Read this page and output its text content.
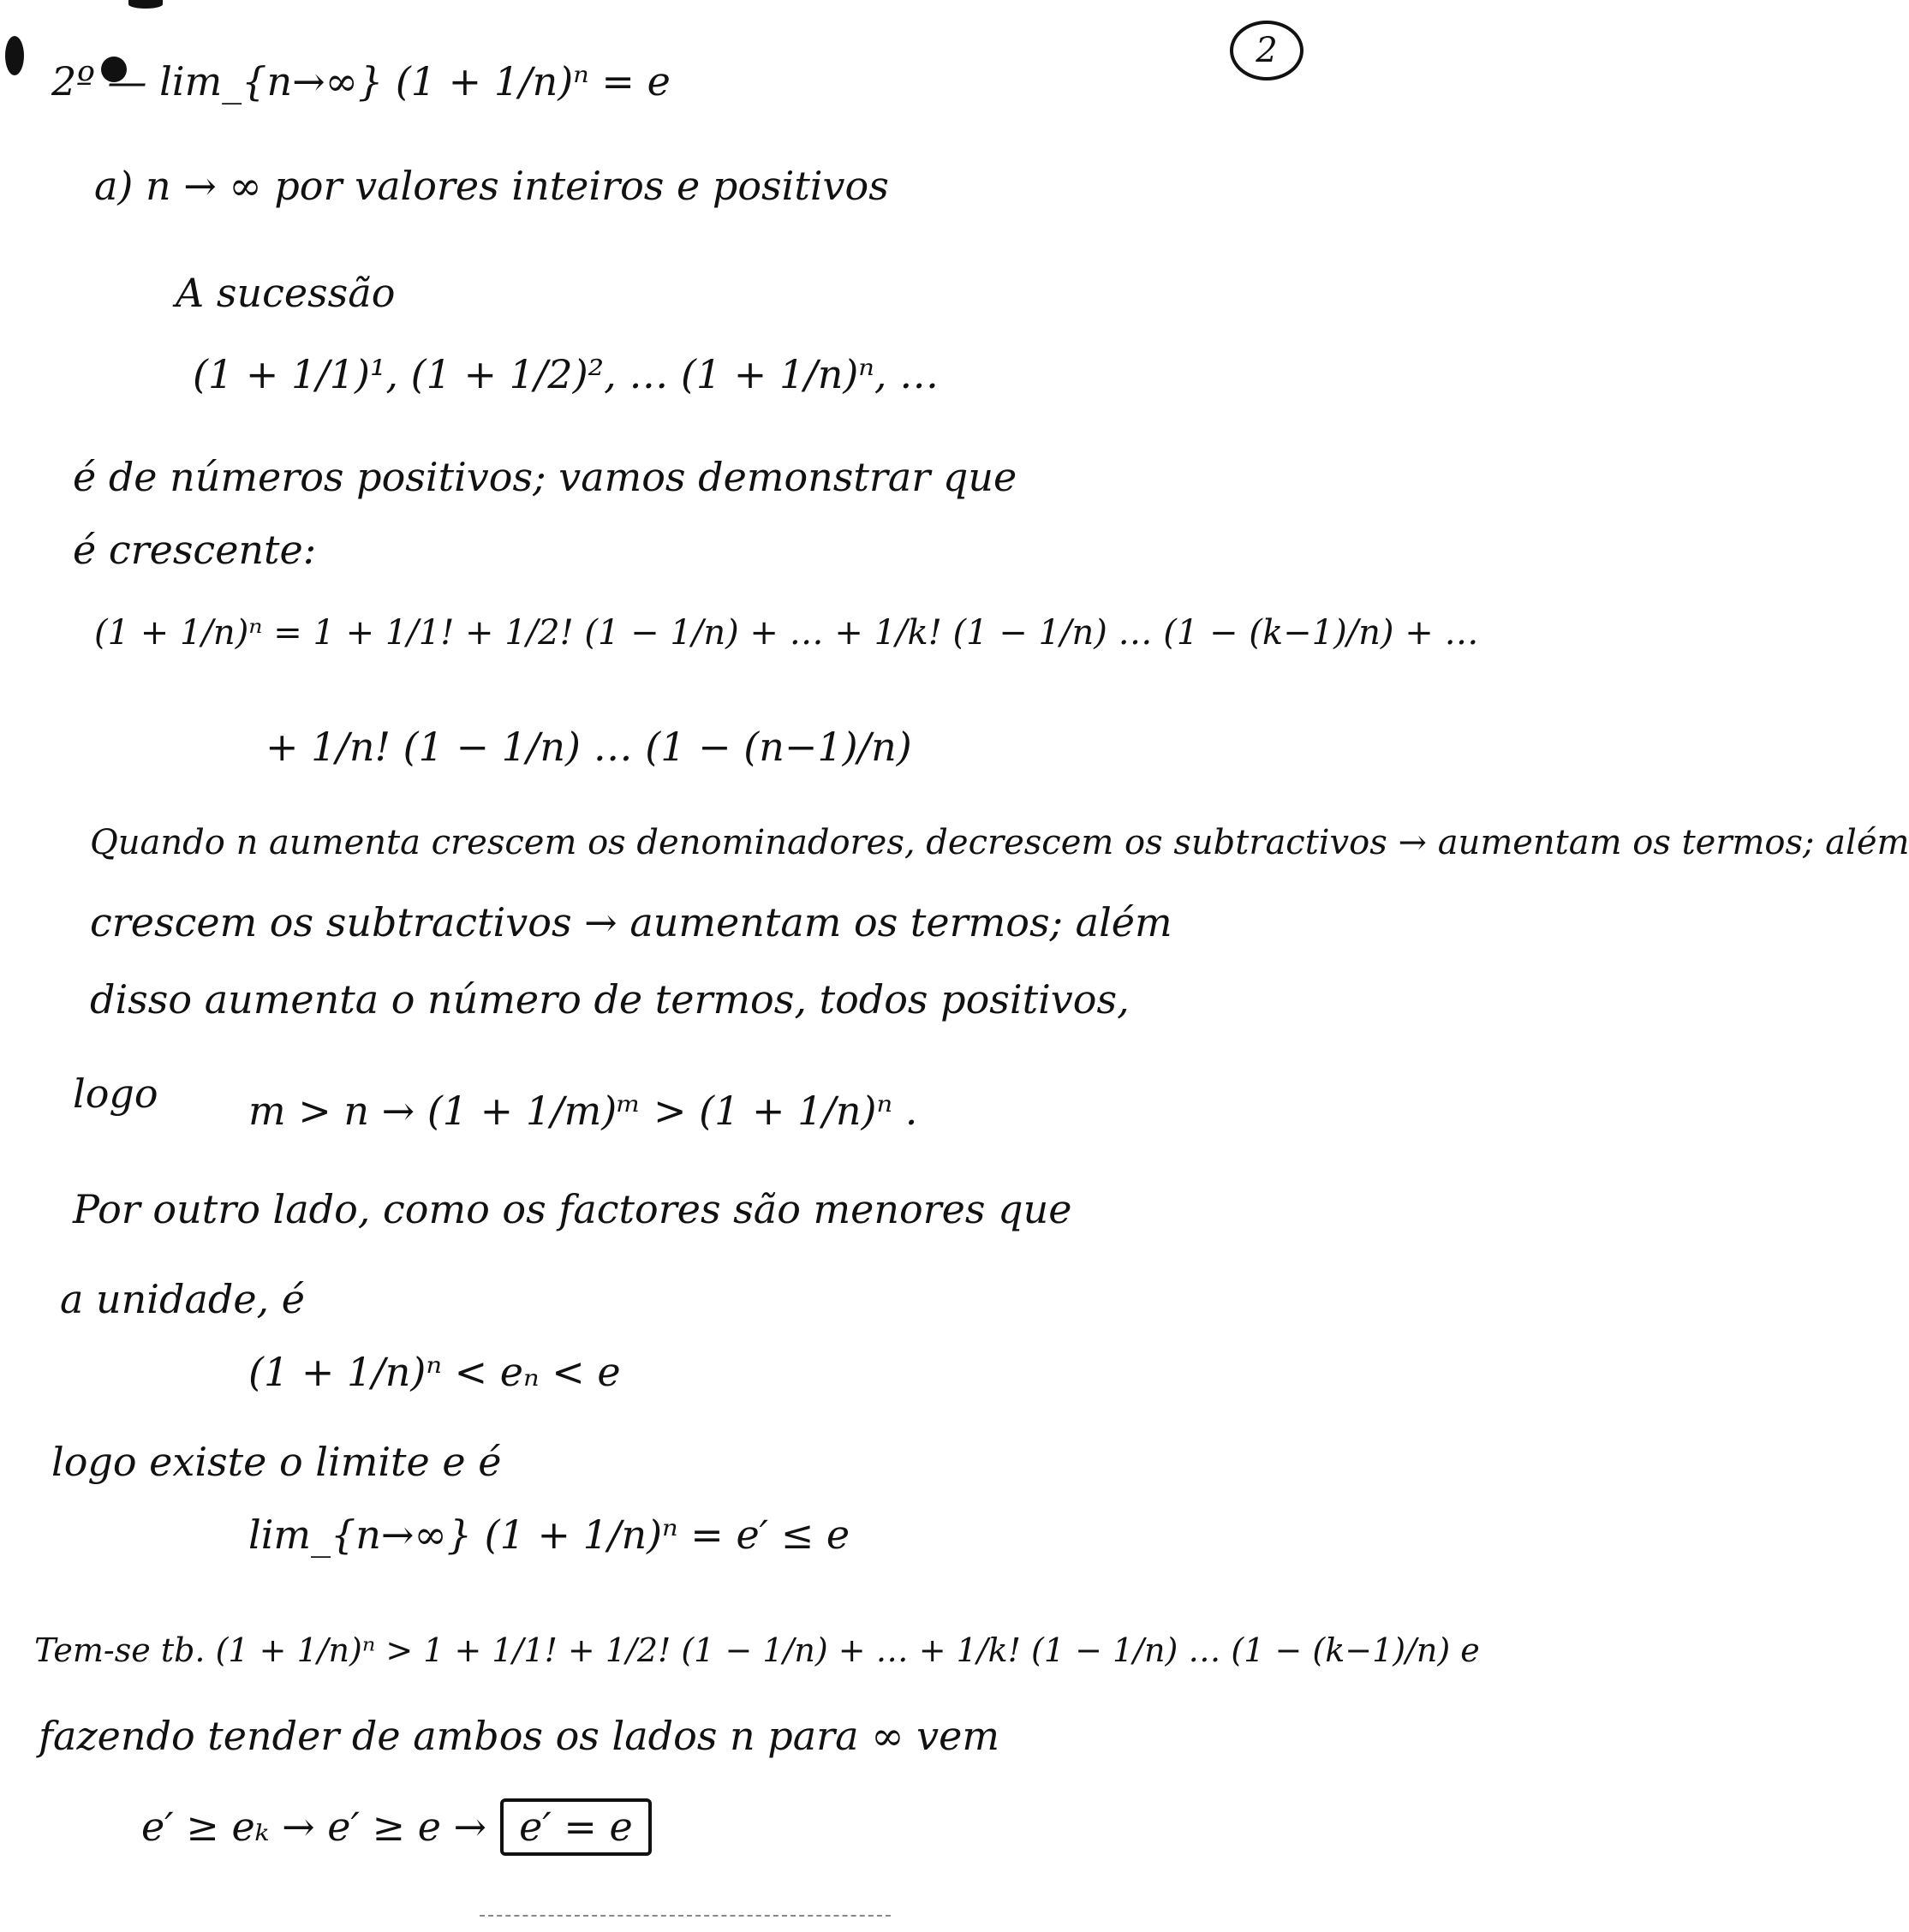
2
2º — lim_{n→∞} (1 + 1/n)ⁿ = e
a) n → ∞ por valores inteiros e positivos
A sucessão
(1 + 1/1)¹, (1 + 1/2)², … (1 + 1/n)ⁿ, …
é de números positivos; vamos demonstrar que
é crescente:
(1 + 1/n)ⁿ = 1 + 1/1! + 1/2! (1 − 1/n) + … + 1/k! (1 − 1/n) … (1 − (k−1)/n) + …
+ 1/n! (1 − 1/n) … (1 − (n−1)/n)
Quando n aumenta crescem os denominadores, decrescem os subtractivos → aumentam os termos; além
crescem os subtractivos → aumentam os termos; além
disso aumenta o número de termos, todos positivos,
logo m > n → (1 + 1/m)ᵐ > (1 + 1/n)ⁿ .
Por outro lado, como os factores são menores que
a unidade, é
(1 + 1/n)ⁿ < eₙ < e
logo existe o limite e é
lim_{n→∞} (1 + 1/n)ⁿ = e′ ≤ e
Tem-se tb. (1 + 1/n)ⁿ > 1 + 1/1! + 1/2! (1 − 1/n) + … + 1/k! (1 − 1/n) … (1 − (k−1)/n) e
fazendo tender de ambos os lados n para ∞ vem
e′ ≥ eₖ → e′ ≥ e → e′ = e
